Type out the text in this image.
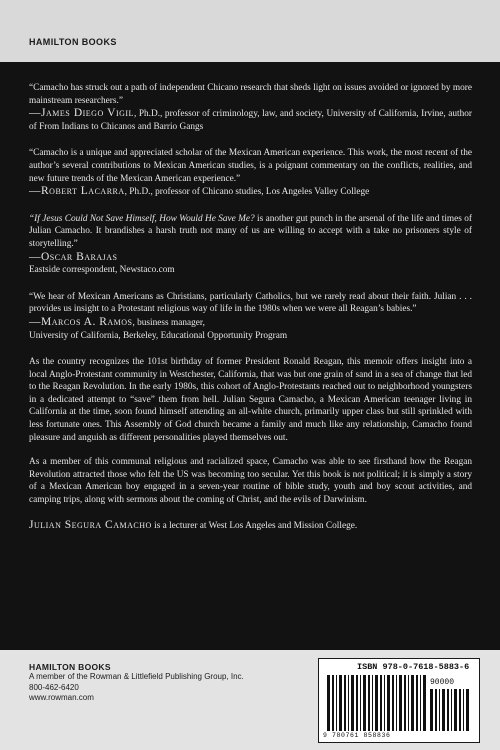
HAMILTON BOOKS

“Camacho has struck out a path of independent Chicano research that sheds light on issues avoided or ignored by more mainstream researchers.”

—James Diego Vigil, Ph.D., professor of criminology, law, and society, University of California, Irvine, author of From Indians to Chicanos and Barrio Gangs

“Camacho is a unique and appreciated scholar of the Mexican American experience. This work, the most recent of the author’s several contributions to Mexican American studies, is a poignant commentary on the conflicts, realities, and new future trends of the Mexican American experience.”

—Robert Lacarra, Ph.D., professor of Chicano studies, Los Angeles Valley College

“If Jesus Could Not Save Himself, How Would He Save Me? is another gut punch in the arsenal of the life and times of Julian Camacho. It brandishes a harsh truth not many of us are willing to accept with a take no prisoners style of storytelling.”

—Oscar Barajas

Eastside correspondent, Newstaco.com

“We hear of Mexican Americans as Christians, particularly Catholics, but we rarely read about their faith. Julian . . . provides us insight to a Protestant religious way of life in the 1980s when we were all Reagan’s babies.”

—Marcos A. Ramos, business manager,

University of California, Berkeley, Educational Opportunity Program

As the country recognizes the 101st birthday of former President Ronald Reagan, this memoir offers insight into a local Anglo-Protestant community in Westchester, California, that was but one grain of sand in a sea of change that led to the Reagan Revolution. In the early 1980s, this cohort of Anglo-Protestants reached out to neighborhood youngsters in a dedicated attempt to “save” them from hell. Julian Segura Camacho, a Mexican American teenager living in California at the time, soon found himself attending an all-white church, primarily upper class but still sprinkled with less fortunate ones. This Assembly of God church became a family and much like any relationship, Camacho found pleasure and anguish as different personalities played themselves out.

As a member of this communal religious and racialized space, Camacho was able to see firsthand how the Reagan Revolution attracted those who felt the US was becoming too secular. Yet this book is not political; it is simply a story of a Mexican American boy engaged in a seven-year routine of bible study, youth and boy scout activities, and camping trips, along with sermons about the coming of Christ, and the evils of Darwinism.

Julian Segura Camacho is a lecturer at West Los Angeles and Mission College.

HAMILTON BOOKS
A member of the Rowman & Littlefield Publishing Group, Inc.
800-462-6420
www.rowman.com
ISBN 978-0-7618-5883-6
90000
9 780761 858836
